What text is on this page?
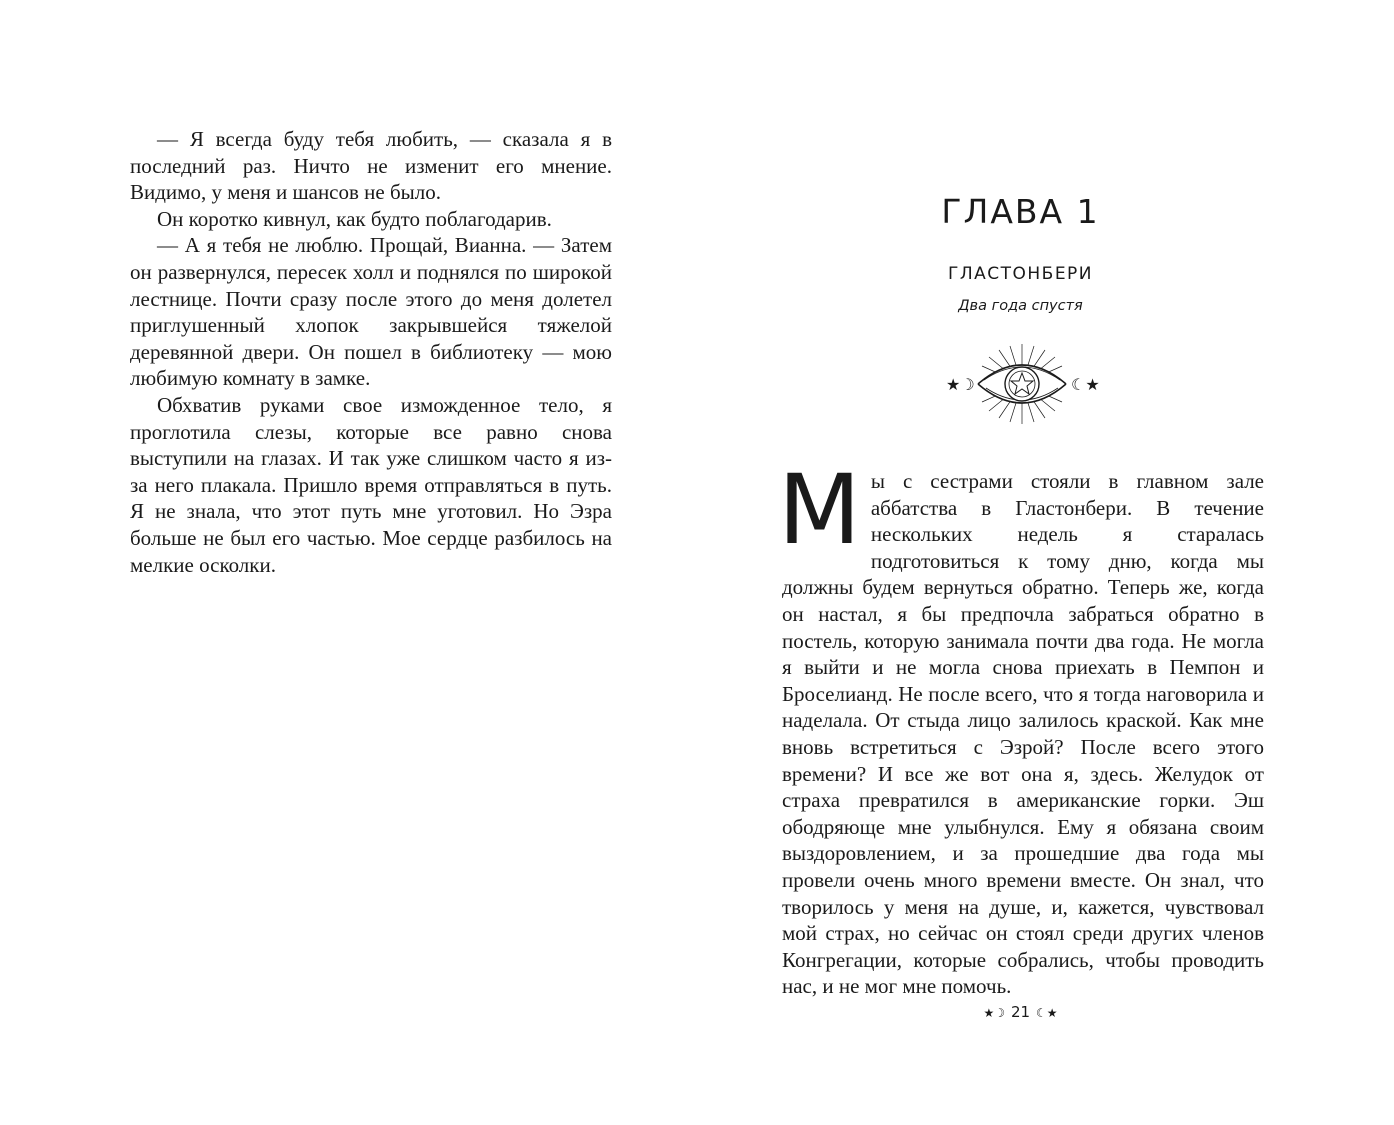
— Я всегда буду тебя любить, — сказала я в последний раз. Ничто не изменит его мнение. Видимо, у меня и шансов не было.

Он коротко кивнул, как будто поблагодарив.

— А я тебя не люблю. Прощай, Вианна. — Затем он развернулся, пересек холл и поднялся по широкой лестнице. Почти сразу после этого до меня долетел приглушенный хлопок закрывшейся тяжелой деревянной двери. Он пошел в библиотеку — мою любимую комнату в замке.

Обхватив руками свое изможденное тело, я проглотила слезы, которые все равно снова выступили на глазах. И так уже слишком часто я из-за него плакала. Пришло время отправляться в путь. Я не знала, что этот путь мне уготовил. Но Эзра больше не был его частью. Мое сердце разбилось на мелкие осколки.

ГЛАВА 1
ГЛАСТОНБЕРИ
Два года спустя
★☽	☾★

Мы с сестрами стояли в главном зале аббатства в Гластонбери. В течение нескольких недель я старалась подготовиться к тому дню, когда мы должны будем вернуться обратно. Теперь же, когда он настал, я бы предпочла забраться обратно в постель, которую занимала почти два года. Не могла я выйти и не могла снова приехать в Пемпон и Броселианд. Не после всего, что я тогда наговорила и наделала. От стыда лицо залилось краской. Как мне вновь встретиться с Эзрой? После всего этого времени? И все же вот она я, здесь. Желудок от страха превратился в американские горки. Эш ободряюще мне улыбнулся. Ему я обязана своим выздоровлением, и за прошедшие два года мы провели очень много времени вместе. Он знал, что творилось у меня на душе, и, кажется, чувствовал мой страх, но сейчас он стоял среди других членов Конгрегации, которые собрались, чтобы проводить нас, и не мог мне помочь.

★☽ 21 ☾★
